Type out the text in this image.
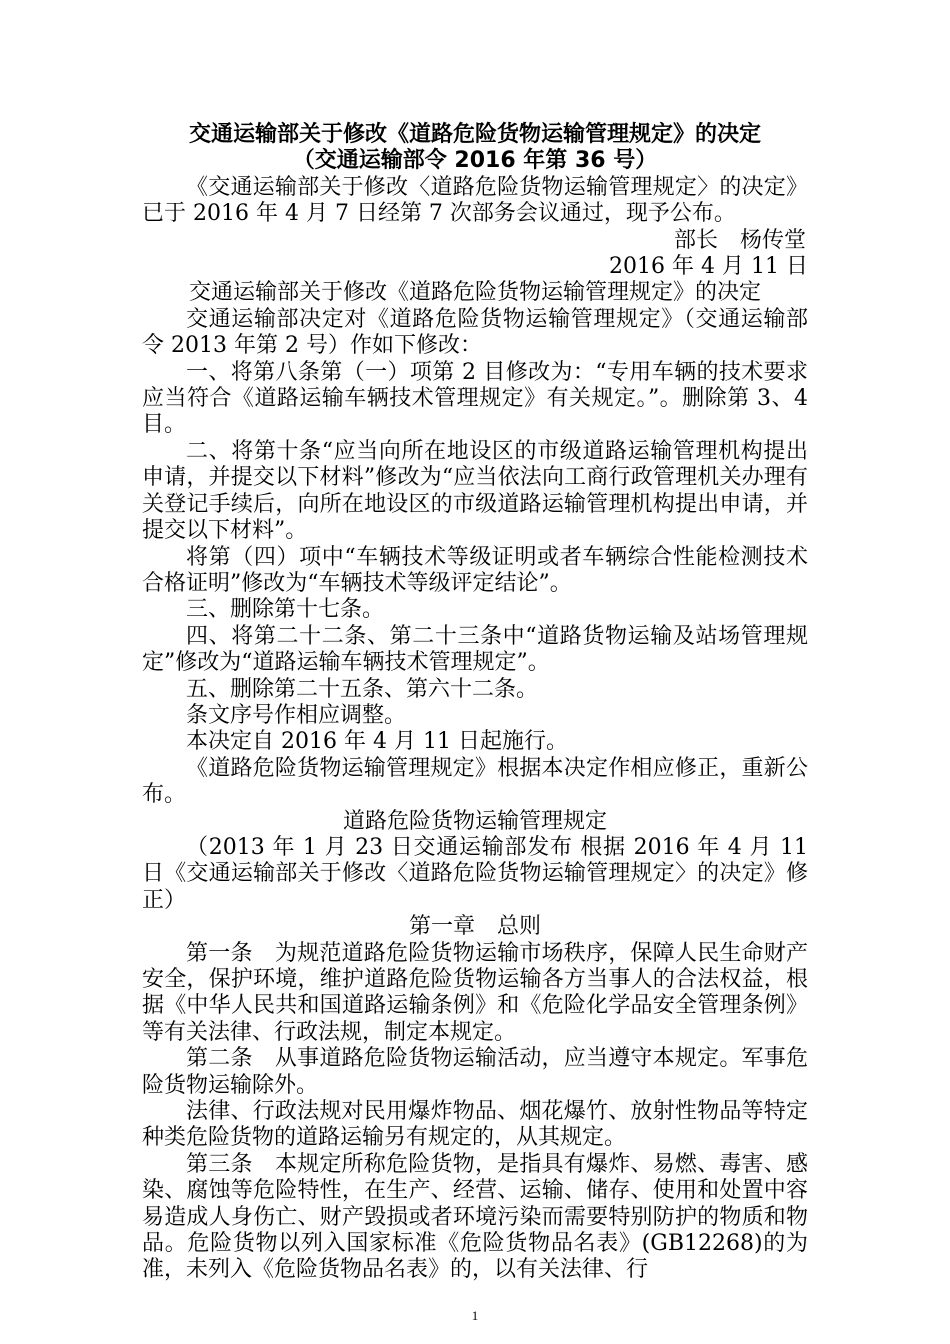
交通运输部关于修改《道路危险货物运输管理规定》的决定

（交通运输部令 2016 年第 36 号）

《交通运输部关于修改〈道路危险货物运输管理规定〉的决定》已于 2016 年 4 月 7 日经第 7 次部务会议通过，现予公布。

部长　杨传堂

2016 年 4 月 11 日

交通运输部关于修改《道路危险货物运输管理规定》的决定

交通运输部决定对《道路危险货物运输管理规定》（交通运输部令 2013 年第 2 号）作如下修改：

一、将第八条第（一）项第 2 目修改为：“专用车辆的技术要求应当符合《道路运输车辆技术管理规定》有关规定。”。删除第 3、4 目。

二、将第十条“应当向所在地设区的市级道路运输管理机构提出申请，并提交以下材料”修改为“应当依法向工商行政管理机关办理有关登记手续后，向所在地设区的市级道路运输管理机构提出申请，并提交以下材料”。

将第（四）项中“车辆技术等级证明或者车辆综合性能检测技术合格证明”修改为“车辆技术等级评定结论”。

三、删除第十七条。

四、将第二十二条、第二十三条中“道路货物运输及站场管理规定”修改为“道路运输车辆技术管理规定”。

五、删除第二十五条、第六十二条。

条文序号作相应调整。

本决定自 2016 年 4 月 11 日起施行。

《道路危险货物运输管理规定》根据本决定作相应修正，重新公布。

道路危险货物运输管理规定

（2013 年 1 月 23 日交通运输部发布 根据 2016 年 4 月 11 日《交通运输部关于修改〈道路危险货物运输管理规定〉的决定》修正）

第一章　总则

第一条　为规范道路危险货物运输市场秩序，保障人民生命财产安全，保护环境，维护道路危险货物运输各方当事人的合法权益，根据《中华人民共和国道路运输条例》和《危险化学品安全管理条例》等有关法律、行政法规，制定本规定。

第二条　从事道路危险货物运输活动，应当遵守本规定。军事危险货物运输除外。

法律、行政法规对民用爆炸物品、烟花爆竹、放射性物品等特定种类危险货物的道路运输另有规定的，从其规定。

第三条　本规定所称危险货物，是指具有爆炸、易燃、毒害、感染、腐蚀等危险特性，在生产、经营、运输、储存、使用和处置中容易造成人身伤亡、财产毁损或者环境污染而需要特别防护的物质和物品。危险货物以列入国家标准《危险货物品名表》(GB12268)的为准，未列入《危险货物品名表》的，以有关法律、行

1
